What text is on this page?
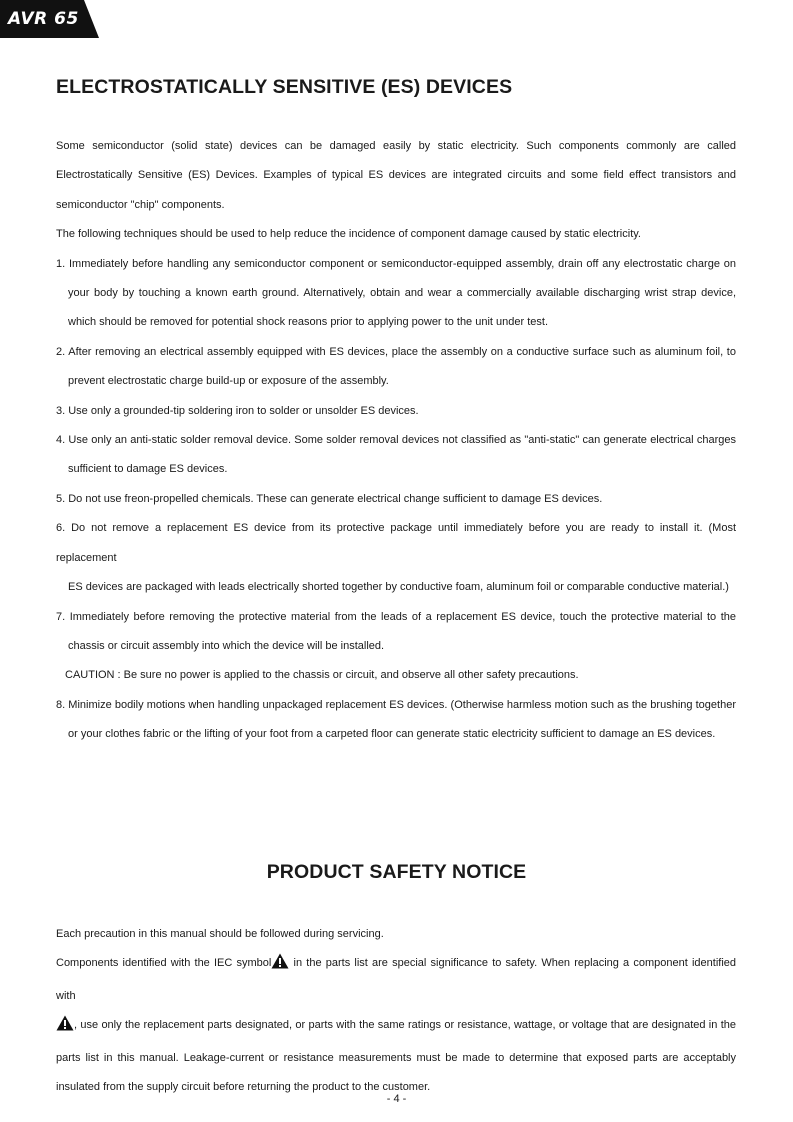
AVR 65
ELECTROSTATICALLY SENSITIVE (ES) DEVICES

Some semiconductor (solid state) devices can be damaged easily by static electricity. Such components commonly are called

Electrostatically Sensitive (ES) Devices. Examples of typical ES devices are integrated circuits and some field effect transistors and

semiconductor "chip" components.

The following techniques should be used to help reduce the incidence of component damage caused by static electricity.

1. Immediately before handling any semiconductor component or semiconductor-equipped assembly, drain off any electrostatic charge on

your body by touching a known earth ground. Alternatively, obtain and wear a commercially available discharging wrist strap device,

which should be removed for potential shock reasons prior to applying power to the unit under test.

2. After removing an electrical assembly equipped with ES devices, place the assembly on a conductive surface such as aluminum foil, to

prevent electrostatic charge build-up or exposure of the assembly.

3. Use only a grounded-tip soldering iron to solder or unsolder ES devices.

4. Use only an anti-static solder removal device. Some solder removal devices not classified as "anti-static" can generate electrical charges

sufficient to damage ES devices.

5. Do not use freon-propelled chemicals. These can generate electrical change sufficient to damage ES devices.

6. Do not remove a replacement ES device from its protective package until immediately before you are ready to install it. (Most replacement

ES devices are packaged with leads electrically shorted together by conductive foam, aluminum foil or comparable conductive material.)

7. Immediately before removing the protective material from the leads of a replacement ES device, touch the protective material to the

chassis or circuit assembly into which the device will be installed.

CAUTION : Be sure no power is applied to the chassis or circuit, and observe all other safety precautions.

8. Minimize bodily motions when handling unpackaged replacement ES devices. (Otherwise harmless motion such as the brushing together

or your clothes fabric or the lifting of your foot from a carpeted floor can generate static electricity sufficient to damage an ES devices.

PRODUCT SAFETY NOTICE

Each precaution in this manual should be followed during servicing.

Components identified with the IEC symbol in the parts list are special significance to safety. When replacing a component identified with

, use only the replacement parts designated, or parts with the same ratings or resistance, wattage, or voltage that are designated in the

parts list in this manual. Leakage-current or resistance measurements must be made to determine that exposed parts are acceptably

insulated from the supply circuit before returning the product to the customer.

- 4 -
